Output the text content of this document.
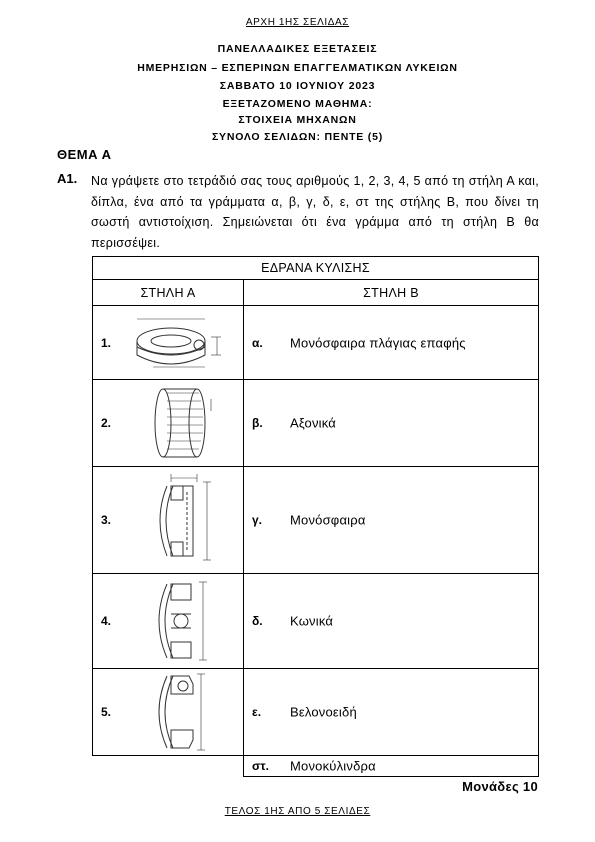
ΑΡΧΗ 1ΗΣ ΣΕΛΙΔΑΣ
ΠΑΝΕΛΛΑΔΙΚΕΣ ΕΞΕΤΑΣΕΙΣ
ΗΜΕΡΗΣΙΩΝ – ΕΣΠΕΡΙΝΩΝ ΕΠΑΓΓΕΛΜΑΤΙΚΩΝ ΛΥΚΕΙΩΝ
ΣΑΒΒΑΤΟ 10 ΙΟΥΝΙΟΥ 2023
ΕΞΕΤΑΖΟΜΕΝΟ ΜΑΘΗΜΑ:
ΣΤΟΙΧΕΙΑ ΜΗΧΑΝΩΝ
ΣΥΝΟΛΟ ΣΕΛΙΔΩΝ: ΠΕΝΤΕ (5)
ΘΕΜΑ Α
Α1. Να γράψετε στο τετράδιό σας τους αριθμούς 1, 2, 3, 4, 5 από τη στήλη Α και, δίπλα, ένα από τα γράμματα α, β, γ, δ, ε, στ της στήλης Β, που δίνει τη σωστή αντιστοίχιση. Σημειώνεται ότι ένα γράμμα από τη στήλη Β θα περισσέψει.
ΕΔΡΑΝΑ ΚΥΛΙΣΗΣ	
ΣΤΗΛΗ Α	ΣΤΗΛΗ Β

1.	α. Μονόσφαιρα πλάγιας επαφής

2.	β. Αξονικά

3.	γ. Μονόσφαιρα

4.	δ. Κωνικά

5.	ε. Βελονοειδή

	στ. Μονοκύλινδρα
Μονάδες 10
ΤΕΛΟΣ 1ΗΣ ΑΠΟ 5 ΣΕΛΙΔΕΣ
